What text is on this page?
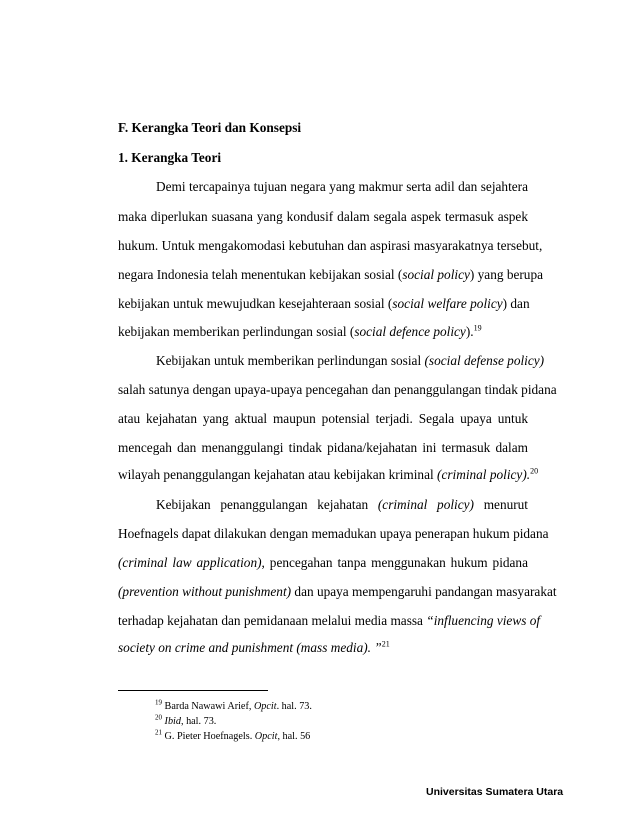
F. Kerangka Teori dan Konsepsi
1. Kerangka Teori
Demi tercapainya tujuan negara yang makmur serta adil dan sejahtera
maka diperlukan suasana yang kondusif dalam segala aspek termasuk aspek
hukum. Untuk mengakomodasi kebutuhan dan aspirasi masyarakatnya tersebut,
negara Indonesia telah menentukan kebijakan sosial (social policy) yang berupa
kebijakan untuk mewujudkan kesejahteraan sosial (social welfare policy) dan
kebijakan memberikan perlindungan sosial (social defence policy).$^{19}$
Kebijakan untuk memberikan perlindungan sosial (social defense policy)
salah satunya dengan upaya-upaya pencegahan dan penanggulangan tindak pidana
atau kejahatan yang aktual maupun potensial terjadi. Segala upaya untuk
mencegah dan menanggulangi tindak pidana/kejahatan ini termasuk dalam
wilayah penanggulangan kejahatan atau kebijakan kriminal (criminal policy).$^{20}$
Kebijakan penanggulangan kejahatan (criminal policy) menurut
Hoefnagels dapat dilakukan dengan memadukan upaya penerapan hukum pidana
(criminal law application), pencegahan tanpa menggunakan hukum pidana
(prevention without punishment) dan upaya mempengaruhi pandangan masyarakat
terhadap kejahatan dan pemidanaan melalui media massa “influencing views of
society on crime and punishment (mass media). ”$^{21}$
$^{19}$ Barda Nawawi Arief, Opcit. hal. 73.
$^{20}$ Ibid, hal. 73.
$^{21}$ G. Pieter Hoefnagels. Opcit, hal. 56
Universitas Sumatera Utara
